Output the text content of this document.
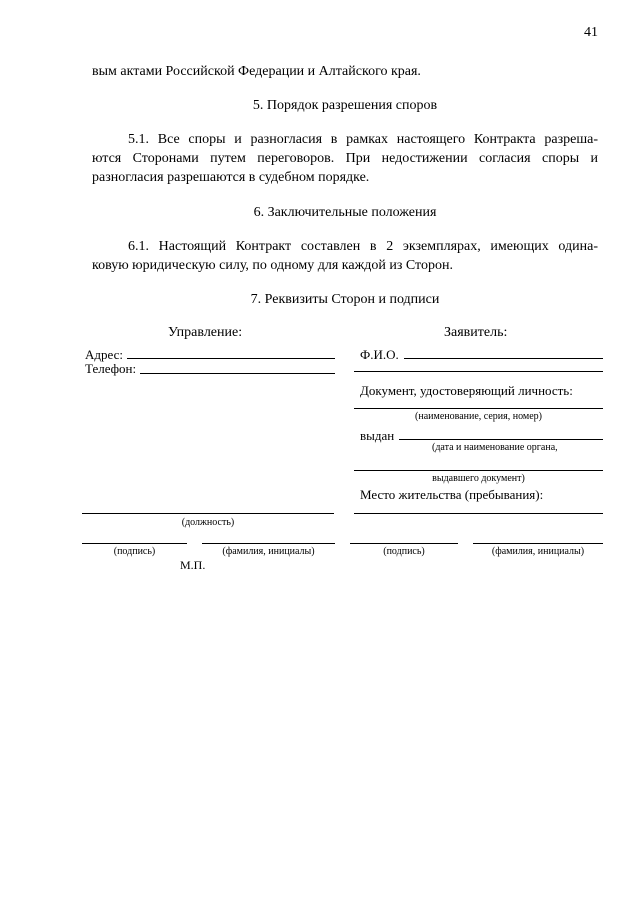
41
вым актами Российской Федерации и Алтайского края.
5. Порядок разрешения споров
5.1. Все споры и разногласия в рамках настоящего Контракта разреша-
ются Сторонами путем переговоров. При недостижении согласия споры и
разногласия разрешаются в судебном порядке.
6. Заключительные положения
6.1. Настоящий Контракт составлен в 2 экземплярах, имеющих одина-
ковую юридическую силу, по одному для каждой из Сторон.
7. Реквизиты Сторон и подписи
Управление:
Адрес:
Телефон:
(должность)
(подпись)	(фамилия, инициалы)
М.П.
Заявитель:
Ф.И.О.
Документ, удостоверяющий личность:
(наименование, серия, номер)
выдан
(дата и наименование органа,
выдавшего документ)
Место жительства (пребывания):
(подпись)	(фамилия, инициалы)
